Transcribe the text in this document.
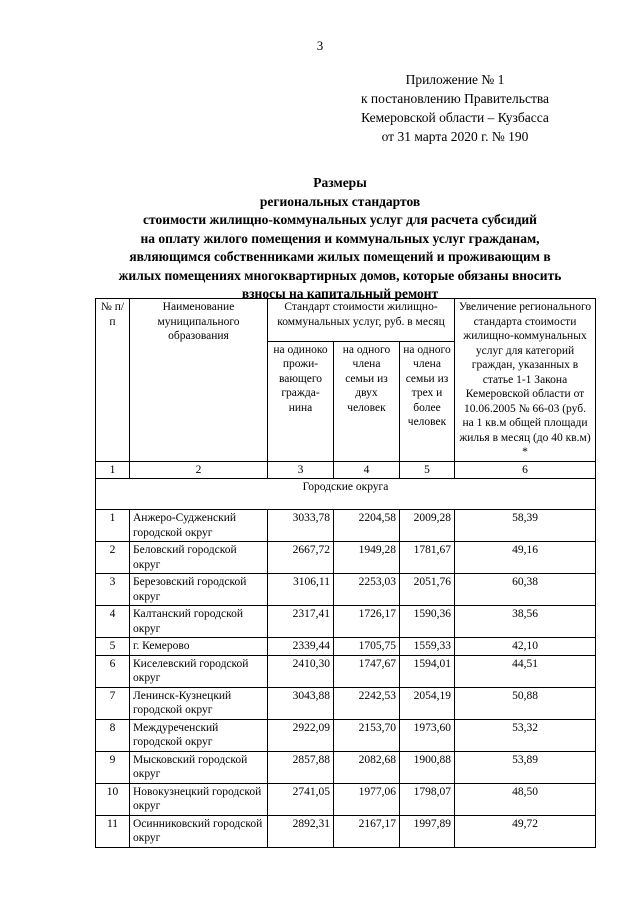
3
Приложение № 1
к постановлению Правительства
Кемеровской области – Кузбасса
от 31 марта 2020 г. № 190
Размеры
региональных стандартов
стоимости жилищно-коммунальных услуг для расчета субсидий
на оплату жилого помещения и коммунальных услуг гражданам,
являющимся собственниками жилых помещений и проживающим в
жилых помещениях многоквартирных домов, которые обязаны вносить
взносы на капитальный ремонт
№ п/п	Наименование муниципального образования	Стандарт стоимости жилищно-коммунальных услуг, руб. в месяц			Увеличение регионального стандарта стоимости жилищно-коммунальных услуг для категорий граждан, указанных в статье 1-1 Закона Кемеровской области от 10.06.2005 № 66-03 (руб. на 1 кв.м общей площади жилья в месяц (до 40 кв.м) *
		на одиноко прожи-вающего гражда-нина	на одного члена семьи из двух человек	на одного члена семьи из трех и более человек	
1	2	3	4	5	6
Городские округа					
1	Анжеро-Судженский городской округ	3033,78	2204,58	2009,28	58,39
2	Беловский городской округ	2667,72	1949,28	1781,67	49,16
3	Березовский городской округ	3106,11	2253,03	2051,76	60,38
4	Калтанский городской округ	2317,41	1726,17	1590,36	38,56
5	г. Кемерово	2339,44	1705,75	1559,33	42,10
6	Киселевский городской округ	2410,30	1747,67	1594,01	44,51
7	Ленинск-Кузнецкий городской округ	3043,88	2242,53	2054,19	50,88
8	Междуреченский городской округ	2922,09	2153,70	1973,60	53,32
9	Мысковский городской округ	2857,88	2082,68	1900,88	53,89
10	Новокузнецкий городской округ	2741,05	1977,06	1798,07	48,50
11	Осинниковский городской округ	2892,31	2167,17	1997,89	49,72
